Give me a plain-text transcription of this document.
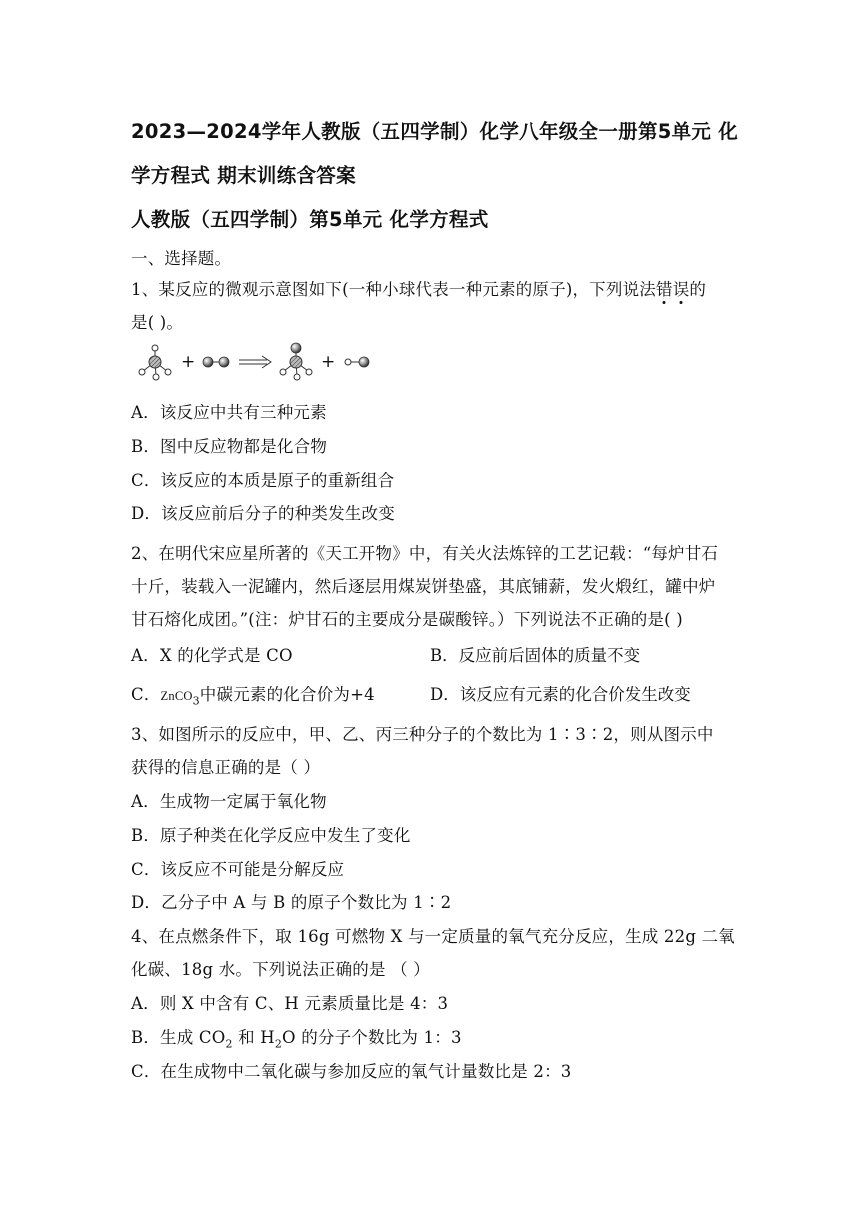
2023—2024学年人教版（五四学制）化学八年级全一册第5单元 化
学方程式 期末训练含答案
人教版（五四学制）第5单元 化学方程式
一、选择题。
1、某反应的微观示意图如下(一种小球代表一种元素的原子)，下列说法错误的
是( )。
+	+
A．该反应中共有三种元素
B．图中反应物都是化合物
C．该反应的本质是原子的重新组合
D．该反应前后分子的种类发生改变
2、在明代宋应星所著的《天工开物》中，有关火法炼锌的工艺记载：“每炉甘石
十斤，装载入一泥罐内，然后逐层用煤炭饼垫盛，其底铺薪，发火煅红，罐中炉
甘石熔化成团。”(注：炉甘石的主要成分是碳酸锌。）下列说法不正确的是( )
A．X 的化学式是 CO	B．反应前后固体的质量不变
C．ZnCO$_3$中碳元素的化合价为+4	D．该反应有元素的化合价发生改变
3、如图所示的反应中，甲、乙、丙三种分子的个数比为 1∶3∶2，则从图示中
获得的信息正确的是（ ）
A．生成物一定属于氧化物
B．原子种类在化学反应中发生了变化
C．该反应不可能是分解反应
D．乙分子中 A 与 B 的原子个数比为 1∶2
4、在点燃条件下，取 16g 可燃物 X 与一定质量的氧气充分反应，生成 22g 二氧
化碳、18g 水。下列说法正确的是 （ ）
A．则 X 中含有 C、H 元素质量比是 4：3
B．生成 $CO_2$ 和 $H_2O$ 的分子个数比为 1：3
C．在生成物中二氧化碳与参加反应的氧气计量数比是 2：3
